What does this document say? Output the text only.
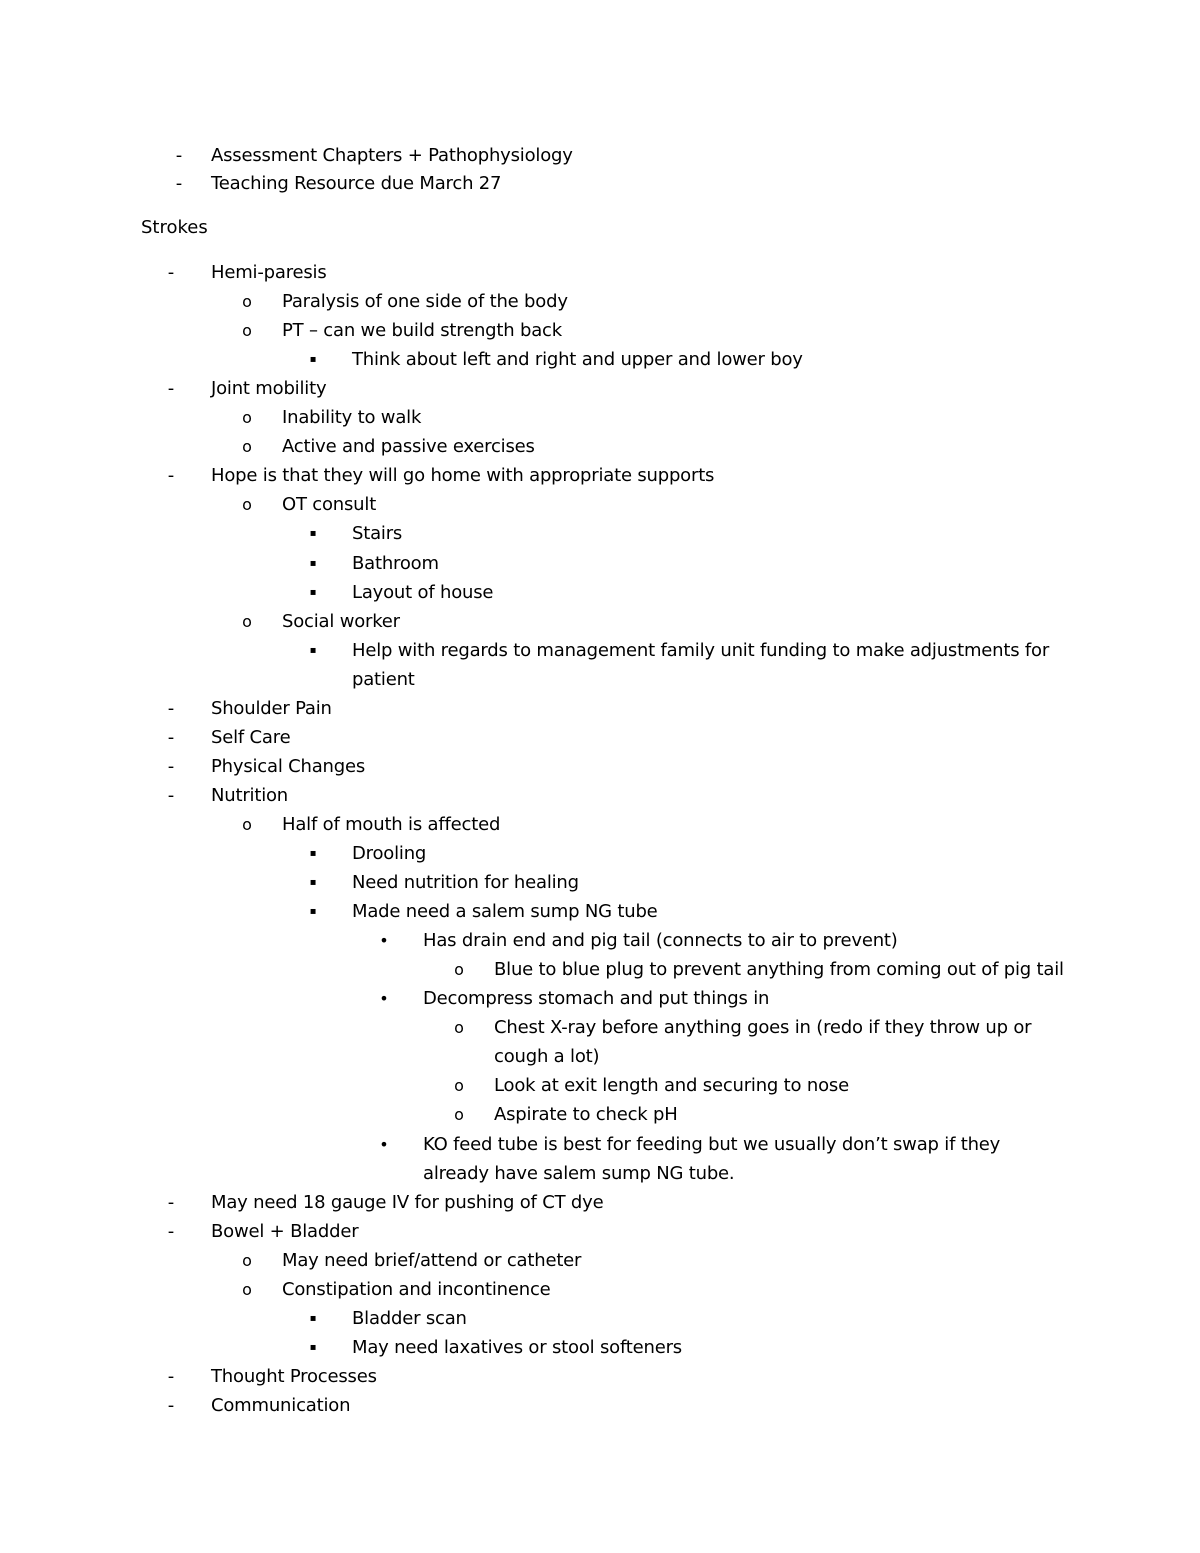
- Assessment Chapters + Pathophysiology
- Teaching Resource due March 27
Strokes
- Hemi-paresis
o Paralysis of one side of the body
o PT – can we build strength back
▪ Think about left and right and upper and lower boy
- Joint mobility
o Inability to walk
o Active and passive exercises
- Hope is that they will go home with appropriate supports
o OT consult
▪ Stairs
▪ Bathroom
▪ Layout of house
o Social worker
▪ Help with regards to management family unit funding to make adjustments for
patient
- Shoulder Pain
- Self Care
- Physical Changes
- Nutrition
o Half of mouth is affected
▪ Drooling
▪ Need nutrition for healing
▪ Made need a salem sump NG tube
• Has drain end and pig tail (connects to air to prevent)
o Blue to blue plug to prevent anything from coming out of pig tail
• Decompress stomach and put things in
o Chest X-ray before anything goes in (redo if they throw up or
cough a lot)
o Look at exit length and securing to nose
o Aspirate to check pH
• KO feed tube is best for feeding but we usually don’t swap if they
already have salem sump NG tube.
- May need 18 gauge IV for pushing of CT dye
- Bowel + Bladder
o May need brief/attend or catheter
o Constipation and incontinence
▪ Bladder scan
▪ May need laxatives or stool softeners
- Thought Processes
- Communication
